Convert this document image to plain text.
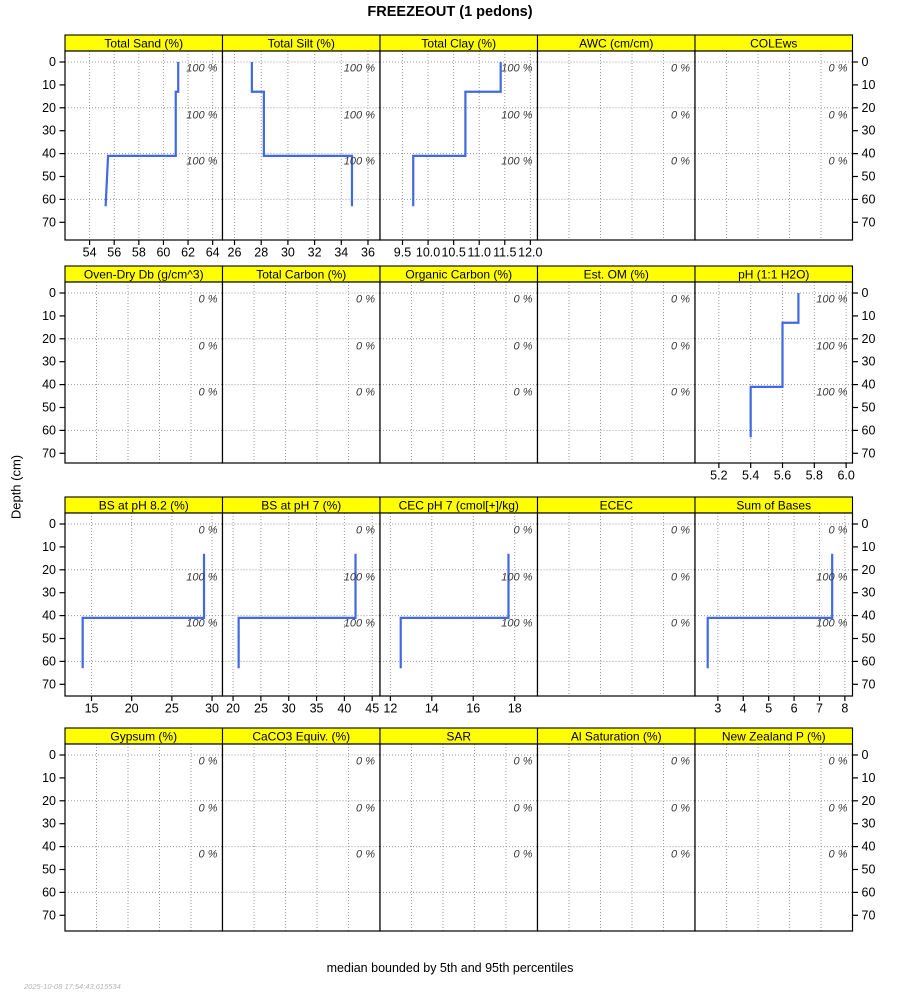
FREEZEOUT (1 pedons)
Depth (cm)
Total Sand (%)
54 56 58 60 62 64
100 %
100 %
100 %
Total Silt (%)
26 28 30 32 34 36
100 %
100 %
100 %
Total Clay (%)
9.5 10.0 10.5 11.0 11.5 12.0
100 %
100 %
100 %
AWC (cm/cm)
0 %
0 %
0 %
COLEws
0 %
0 %
0 %
Oven-Dry Db (g/cm^3)
0 %
0 %
0 %
Total Carbon (%)
0 %
0 %
0 %
Organic Carbon (%)
0 %
0 %
0 %
Est. OM (%)
0 %
0 %
0 %
pH (1:1 H2O)
5.2 5.4 5.6 5.8 6.0
100 %
100 %
100 %
BS at pH 8.2 (%)
15 20 25 30
0 %
100 %
100 %
BS at pH 7 (%)
20 25 30 35 40 45
0 %
100 %
100 %
CEC pH 7 (cmol[+]/kg)
12 14 16 18
0 %
100 %
100 %
ECEC
0 %
0 %
0 %
Sum of Bases
3 4 5 6 7 8
0 %
100 %
100 %
Gypsum (%)
0 %
0 %
0 %
CaCO3 Equiv. (%)
0 %
0 %
0 %
SAR
0 %
0 %
0 %
Al Saturation (%)
0 %
0 %
0 %
New Zealand P (%)
0 %
0 %
0 %
0	0
10	10
20	20
30	30
40	40
50	50
60	60
70	70
0	0
10	10
20	20
30	30
40	40
50	50
60	60
70	70
0	0
10	10
20	20
30	30
40	40
50	50
60	60
70	70
0	0
10	10
20	20
30	30
40	40
50	50
60	60
70	70
median bounded by 5th and 95th percentiles
2025-10-08 17:54:43.615534
